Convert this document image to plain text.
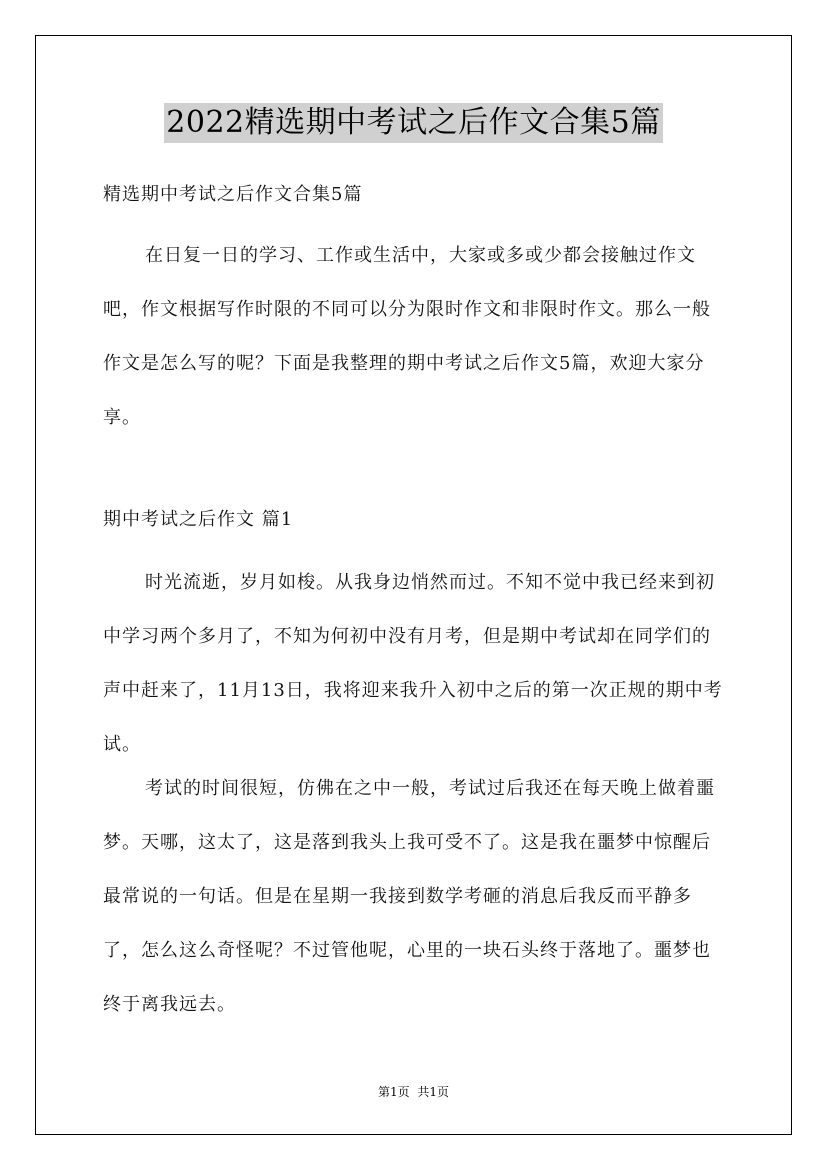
2022精选期中考试之后作文合集5篇
精选期中考试之后作文合集5篇

在日复一日的学习、工作或生活中，大家或多或少都会接触过作文吧，作文根据写作时限的不同可以分为限时作文和非限时作文。那么一般作文是怎么写的呢？下面是我整理的期中考试之后作文5篇，欢迎大家分享。

期中考试之后作文 篇1

时光流逝，岁月如梭。从我身边悄然而过。不知不觉中我已经来到初中学习两个多月了，不知为何初中没有月考，但是期中考试却在同学们的声中赶来了，11月13日，我将迎来我升入初中之后的第一次正规的期中考试。

考试的时间很短，仿佛在之中一般，考试过后我还在每天晚上做着噩梦。天哪，这太了，这是落到我头上我可受不了。这是我在噩梦中惊醒后最常说的一句话。但是在星期一我接到数学考砸的消息后我反而平静多了，怎么这么奇怪呢？不过管他呢，心里的一块石头终于落地了。噩梦也终于离我远去。

第1页 共1页
